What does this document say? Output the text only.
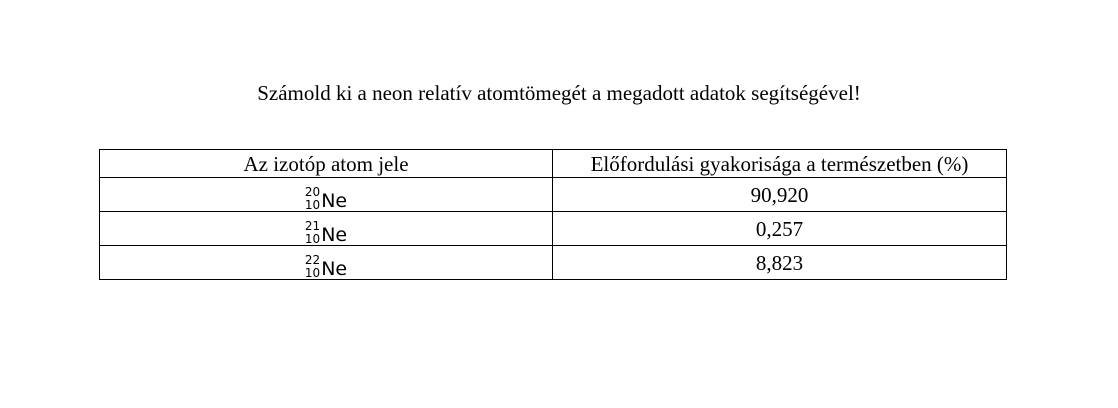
Számold ki a neon relatív atomtömegét a megadott adatok segítségével!

Az izotóp atom jele	Előfordulási gyakorisága a természetben (%)

20
10 Ne	90,920

21
10 Ne	0,257

22
10 Ne	8,823
